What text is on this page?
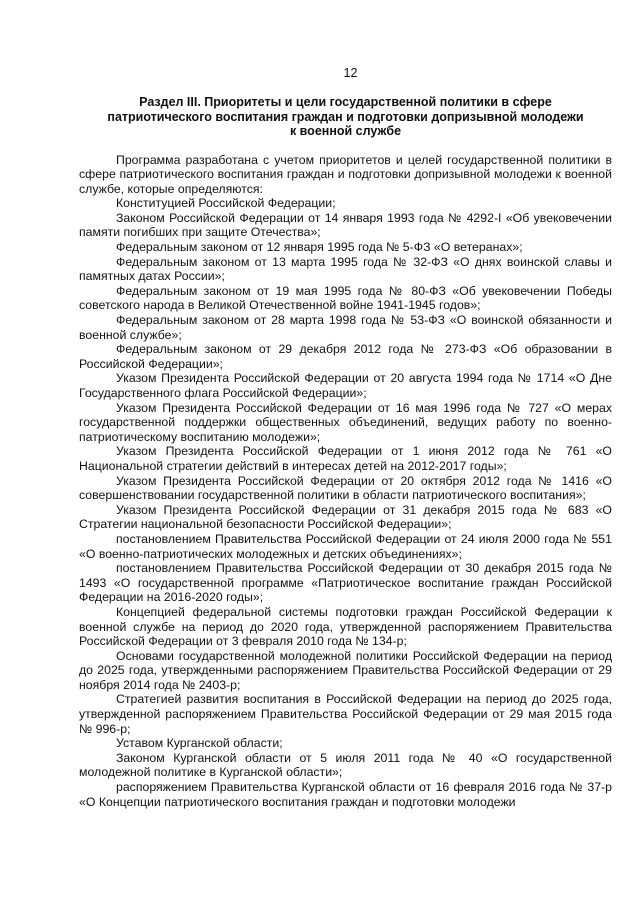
12
Раздел III. Приоритеты и цели государственной политики в сфере
патриотического воспитания граждан и подготовки допризывной молодежи
к военной службе

Программа разработана с учетом приоритетов и целей государственной политики в сфере патриотического воспитания граждан и подготовки допризывной молодежи к военной службе, которые определяются:

Конституцией Российской Федерации;

Законом Российской Федерации от 14 января 1993 года № 4292-I «Об увековечении памяти погибших при защите Отечества»;

Федеральным законом от 12 января 1995 года № 5-ФЗ «О ветеранах»;

Федеральным законом от 13 марта 1995 года № 32-ФЗ «О днях воинской славы и памятных датах России»;

Федеральным законом от 19 мая 1995 года № 80-ФЗ «Об увековечении Победы советского народа в Великой Отечественной войне 1941-1945 годов»;

Федеральным законом от 28 марта 1998 года № 53-ФЗ «О воинской обязанности и военной службе»;

Федеральным законом от 29 декабря 2012 года № 273-ФЗ «Об образовании в Российской Федерации»;

Указом Президента Российской Федерации от 20 августа 1994 года № 1714 «О Дне Государственного флага Российской Федерации»;

Указом Президента Российской Федерации от 16 мая 1996 года № 727 «О мерах государственной поддержки общественных объединений, ведущих работу по военно-патриотическому воспитанию молодежи»;

Указом Президента Российской Федерации от 1 июня 2012 года № 761 «О Национальной стратегии действий в интересах детей на 2012-2017 годы»;

Указом Президента Российской Федерации от 20 октября 2012 года № 1416 «О совершенствовании государственной политики в области патриотического воспитания»;

Указом Президента Российской Федерации от 31 декабря 2015 года № 683 «О Стратегии национальной безопасности Российской Федерации»;

постановлением Правительства Российской Федерации от 24 июля 2000 года № 551 «О военно-патриотических молодежных и детских объединениях»;

постановлением Правительства Российской Федерации от 30 декабря 2015 года № 1493 «О государственной программе «Патриотическое воспитание граждан Российской Федерации на 2016-2020 годы»;

Концепцией федеральной системы подготовки граждан Российской Федерации к военной службе на период до 2020 года, утвержденной распоряжением Правительства Российской Федерации от 3 февраля 2010 года № 134-р;

Основами государственной молодежной политики Российской Федерации на период до 2025 года, утвержденными распоряжением Правительства Российской Федерации от 29 ноября 2014 года № 2403-р;

Стратегией развития воспитания в Российской Федерации на период до 2025 года, утвержденной распоряжением Правительства Российской Федерации от 29 мая 2015 года № 996-р;

Уставом Курганской области;

Законом Курганской области от 5 июля 2011 года № 40 «О государственной молодежной политике в Курганской области»;

распоряжением Правительства Курганской области от 16 февраля 2016 года № 37-р «О Концепции патриотического воспитания граждан и подготовки молодежи
